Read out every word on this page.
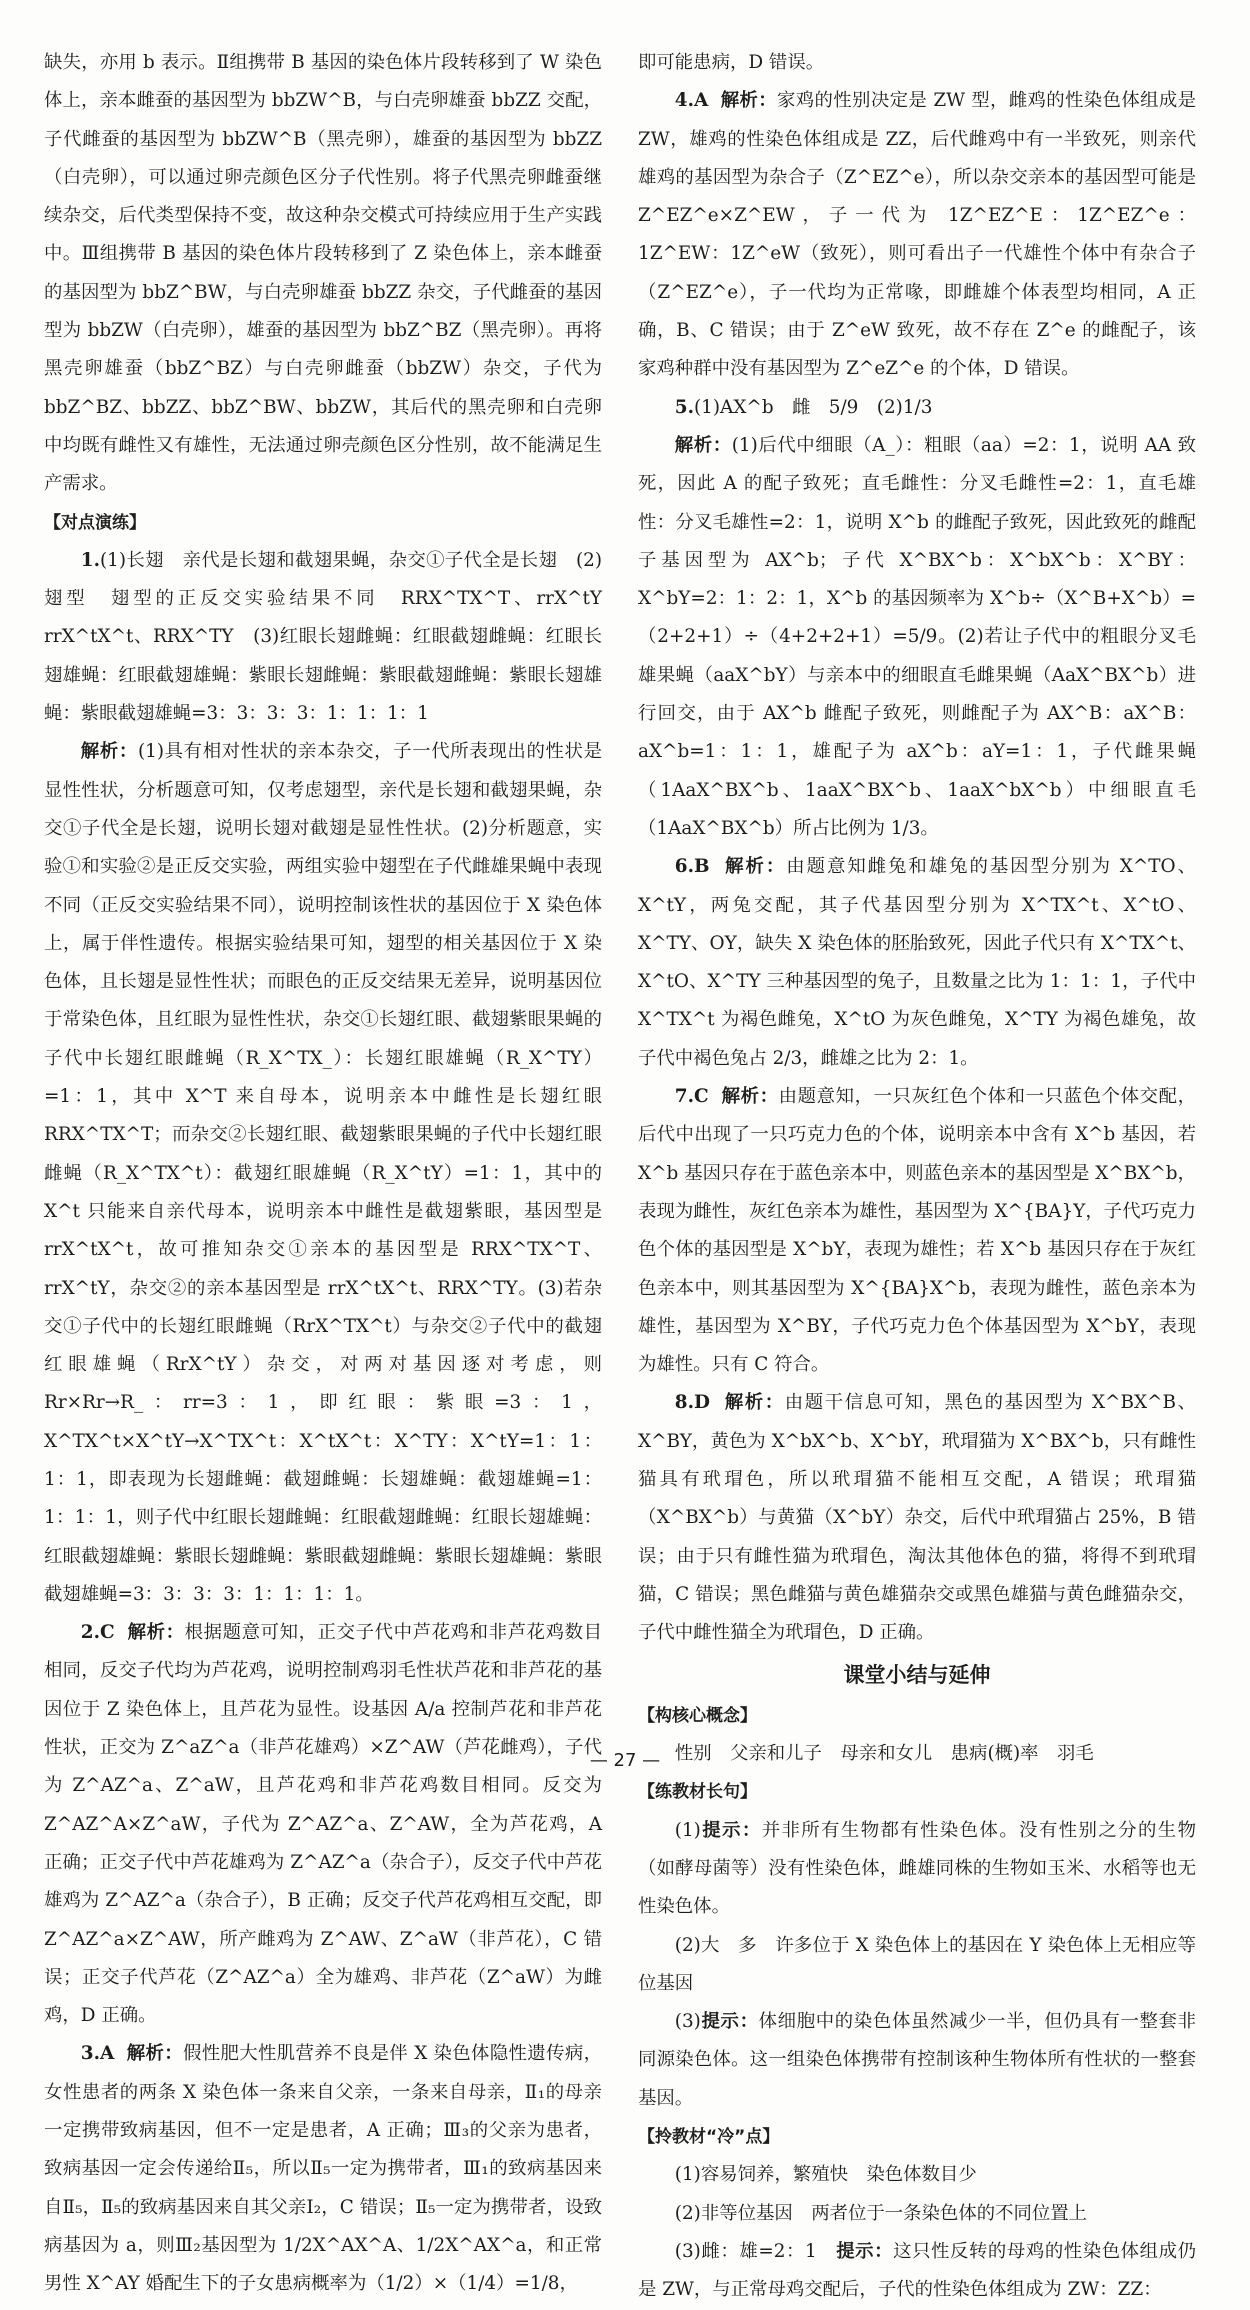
缺失，亦用 b 表示。Ⅱ组携带 B 基因的染色体片段转移到了 W 染色体上，亲本雌蚕的基因型为 bbZW^B，与白壳卵雄蚕 bbZZ 交配，子代雌蚕的基因型为 bbZW^B（黑壳卵），雄蚕的基因型为 bbZZ（白壳卵），可以通过卵壳颜色区分子代性别。将子代黑壳卵雌蚕继续杂交，后代类型保持不变，故这种杂交模式可持续应用于生产实践中。Ⅲ组携带 B 基因的染色体片段转移到了 Z 染色体上，亲本雌蚕的基因型为 bbZ^BW，与白壳卵雄蚕 bbZZ 杂交，子代雌蚕的基因型为 bbZW（白壳卵），雄蚕的基因型为 bbZ^BZ（黑壳卵）。再将黑壳卵雄蚕（bbZ^BZ）与白壳卵雌蚕（bbZW）杂交，子代为 bbZ^BZ、bbZZ、bbZ^BW、bbZW，其后代的黑壳卵和白壳卵中均既有雌性又有雄性，无法通过卵壳颜色区分性别，故不能满足生产需求。

【对点演练】

1.(1)长翅　亲代是长翅和截翅果蝇，杂交①子代全是长翅　(2)翅型　翅型的正反交实验结果不同　RRX^TX^T、rrX^tY　rrX^tX^t、RRX^TY　(3)红眼长翅雌蝇：红眼截翅雌蝇：红眼长翅雄蝇：红眼截翅雄蝇：紫眼长翅雌蝇：紫眼截翅雌蝇：紫眼长翅雄蝇：紫眼截翅雄蝇=3：3：3：3：1：1：1：1

解析：(1)具有相对性状的亲本杂交，子一代所表现出的性状是显性性状，分析题意可知，仅考虑翅型，亲代是长翅和截翅果蝇，杂交①子代全是长翅，说明长翅对截翅是显性性状。(2)分析题意，实验①和实验②是正反交实验，两组实验中翅型在子代雌雄果蝇中表现不同（正反交实验结果不同），说明控制该性状的基因位于 X 染色体上，属于伴性遗传。根据实验结果可知，翅型的相关基因位于 X 染色体，且长翅是显性性状；而眼色的正反交结果无差异，说明基因位于常染色体，且红眼为显性性状，杂交①长翅红眼、截翅紫眼果蝇的子代中长翅红眼雌蝇（R_X^TX_）：长翅红眼雄蝇（R_X^TY）=1：1，其中 X^T 来自母本，说明亲本中雌性是长翅红眼 RRX^TX^T；而杂交②长翅红眼、截翅紫眼果蝇的子代中长翅红眼雌蝇（R_X^TX^t）：截翅红眼雄蝇（R_X^tY）=1：1，其中的 X^t 只能来自亲代母本，说明亲本中雌性是截翅紫眼，基因型是 rrX^tX^t，故可推知杂交①亲本的基因型是 RRX^TX^T、rrX^tY，杂交②的亲本基因型是 rrX^tX^t、RRX^TY。(3)若杂交①子代中的长翅红眼雌蝇（RrX^TX^t）与杂交②子代中的截翅红眼雄蝇（RrX^tY）杂交，对两对基因逐对考虑，则 Rr×Rr→R_：rr=3：1，即红眼：紫眼=3：1，X^TX^t×X^tY→X^TX^t：X^tX^t：X^TY：X^tY=1：1：1：1，即表现为长翅雌蝇：截翅雌蝇：长翅雄蝇：截翅雄蝇=1：1：1：1，则子代中红眼长翅雌蝇：红眼截翅雌蝇：红眼长翅雄蝇：红眼截翅雄蝇：紫眼长翅雌蝇：紫眼截翅雌蝇：紫眼长翅雄蝇：紫眼截翅雄蝇=3：3：3：3：1：1：1：1。

2.C 解析：根据题意可知，正交子代中芦花鸡和非芦花鸡数目相同，反交子代均为芦花鸡，说明控制鸡羽毛性状芦花和非芦花的基因位于 Z 染色体上，且芦花为显性。设基因 A/a 控制芦花和非芦花性状，正交为 Z^aZ^a（非芦花雄鸡）×Z^AW（芦花雌鸡），子代为 Z^AZ^a、Z^aW，且芦花鸡和非芦花鸡数目相同。反交为 Z^AZ^A×Z^aW，子代为 Z^AZ^a、Z^AW，全为芦花鸡，A 正确；正交子代中芦花雄鸡为 Z^AZ^a（杂合子），反交子代中芦花雄鸡为 Z^AZ^a（杂合子），B 正确；反交子代芦花鸡相互交配，即 Z^AZ^a×Z^AW，所产雌鸡为 Z^AW、Z^aW（非芦花），C 错误；正交子代芦花（Z^AZ^a）全为雄鸡、非芦花（Z^aW）为雌鸡，D 正确。

3.A 解析：假性肥大性肌营养不良是伴 X 染色体隐性遗传病，女性患者的两条 X 染色体一条来自父亲，一条来自母亲，Ⅱ₁的母亲一定携带致病基因，但不一定是患者，A 正确；Ⅲ₃的父亲为患者，致病基因一定会传递给Ⅱ₅，所以Ⅱ₅一定为携带者，Ⅲ₁的致病基因来自Ⅱ₅，Ⅱ₅的致病基因来自其父亲Ⅰ₂，C 错误；Ⅱ₅一定为携带者，设致病基因为 a，则Ⅲ₂基因型为 1/2X^AX^A、1/2X^AX^a，和正常男性 X^AY 婚配生下的子女患病概率为（1/2）×（1/4）=1/8，

即可能患病，D 错误。

4.A 解析：家鸡的性别决定是 ZW 型，雌鸡的性染色体组成是 ZW，雄鸡的性染色体组成是 ZZ，后代雌鸡中有一半致死，则亲代雄鸡的基因型为杂合子（Z^EZ^e），所以杂交亲本的基因型可能是 Z^EZ^e×Z^EW，子一代为 1Z^EZ^E：1Z^EZ^e：1Z^EW：1Z^eW（致死），则可看出子一代雄性个体中有杂合子（Z^EZ^e），子一代均为正常喙，即雌雄个体表型均相同，A 正确，B、C 错误；由于 Z^eW 致死，故不存在 Z^e 的雌配子，该家鸡种群中没有基因型为 Z^eZ^e 的个体，D 错误。

5.(1)AX^b　雌　5/9　(2)1/3

解析：(1)后代中细眼（A_）：粗眼（aa）=2：1，说明 AA 致死，因此 A 的配子致死；直毛雌性：分叉毛雌性=2：1，直毛雄性：分叉毛雄性=2：1，说明 X^b 的雌配子致死，因此致死的雌配子基因型为 AX^b；子代 X^BX^b：X^bX^b：X^BY：X^bY=2：1：2：1，X^b 的基因频率为 X^b÷（X^B+X^b）=（2+2+1）÷（4+2+2+1）=5/9。(2)若让子代中的粗眼分叉毛雄果蝇（aaX^bY）与亲本中的细眼直毛雌果蝇（AaX^BX^b）进行回交，由于 AX^b 雌配子致死，则雌配子为 AX^B：aX^B：aX^b=1：1：1，雄配子为 aX^b：aY=1：1，子代雌果蝇（1AaX^BX^b、1aaX^BX^b、1aaX^bX^b）中细眼直毛（1AaX^BX^b）所占比例为 1/3。

6.B 解析：由题意知雌兔和雄兔的基因型分别为 X^TO、X^tY，两兔交配，其子代基因型分别为 X^TX^t、X^tO、X^TY、OY，缺失 X 染色体的胚胎致死，因此子代只有 X^TX^t、X^tO、X^TY 三种基因型的兔子，且数量之比为 1：1：1，子代中 X^TX^t 为褐色雌兔，X^tO 为灰色雌兔，X^TY 为褐色雄兔，故子代中褐色兔占 2/3，雌雄之比为 2：1。

7.C 解析：由题意知，一只灰红色个体和一只蓝色个体交配，后代中出现了一只巧克力色的个体，说明亲本中含有 X^b 基因，若 X^b 基因只存在于蓝色亲本中，则蓝色亲本的基因型是 X^BX^b，表现为雌性，灰红色亲本为雄性，基因型为 X^{BA}Y，子代巧克力色个体的基因型是 X^bY，表现为雄性；若 X^b 基因只存在于灰红色亲本中，则其基因型为 X^{BA}X^b，表现为雌性，蓝色亲本为雄性，基因型为 X^BY，子代巧克力色个体基因型为 X^bY，表现为雄性。只有 C 符合。

8.D 解析：由题干信息可知，黑色的基因型为 X^BX^B、X^BY，黄色为 X^bX^b、X^bY，玳瑁猫为 X^BX^b，只有雌性猫具有玳瑁色，所以玳瑁猫不能相互交配，A 错误；玳瑁猫（X^BX^b）与黄猫（X^bY）杂交，后代中玳瑁猫占 25%，B 错误；由于只有雌性猫为玳瑁色，淘汰其他体色的猫，将得不到玳瑁猫，C 错误；黑色雌猫与黄色雄猫杂交或黑色雄猫与黄色雌猫杂交，子代中雌性猫全为玳瑁色，D 正确。

课堂小结与延伸

【构核心概念】

性别　父亲和儿子　母亲和女儿　患病(概)率　羽毛

【练教材长句】

(1)提示：并非所有生物都有性染色体。没有性别之分的生物（如酵母菌等）没有性染色体，雌雄同株的生物如玉米、水稻等也无性染色体。

(2)大　多　许多位于 X 染色体上的基因在 Y 染色体上无相应等位基因

(3)提示：体细胞中的染色体虽然减少一半，但仍具有一整套非同源染色体。这一组染色体携带有控制该种生物体所有性状的一整套基因。

【拎教材“冷”点】

(1)容易饲养，繁殖快　染色体数目少

(2)非等位基因　两者位于一条染色体的不同位置上

(3)雌：雄=2：1　提示：这只性反转的母鸡的性染色体组成仍是 ZW，与正常母鸡交配后，子代的性染色体组成为 ZW：ZZ：

— 27 —
